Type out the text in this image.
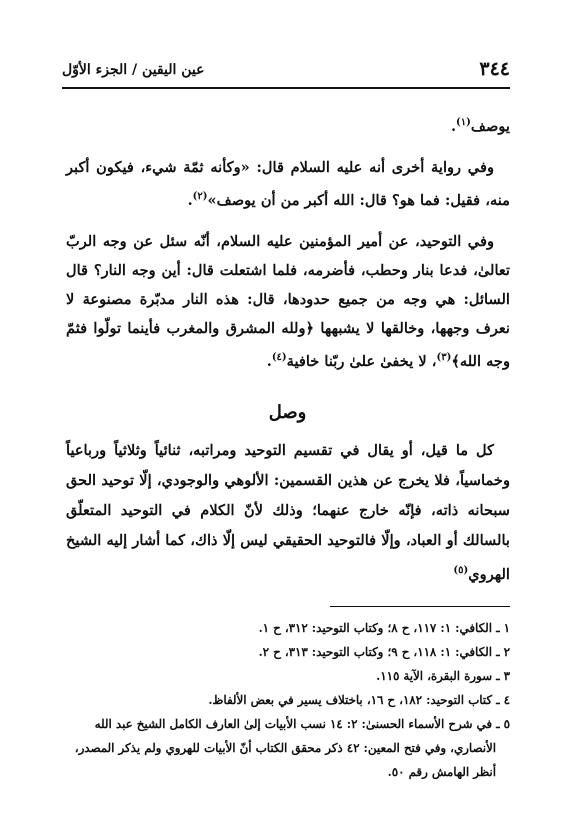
٣٤٤
عين اليقين / الجزء الأوّل

يوصف$^{(١)}$.

وفي رواية أخرى أنه عليه السلام قال: «وكأنه ثمّة شيء، فيكون أكبر منه، فقيل: فما هو؟ قال: الله أكبر من أن يوصف»$^{(٢)}$.

وفي التوحيد، عن أمير المؤمنين عليه السلام، أنّه سئل عن وجه الربّ تعالىٰ، فدعا بنار وحطب، فأضرمه، فلما اشتعلت قال: أين وجه النار؟ قال السائل: هي وجه من جميع حدودها، قال: هذه النار مدبّرة مصنوعة لا نعرف وجهها، وخالقها لا يشبهها ﴿ولله المشرق والمغرب فأينما تولّوا فثمّ وجه الله﴾$^{(٣)}$، لا يخفىٰ علىٰ ربّنا خافية$^{(٤)}$.

وصل

كل ما قيل، أو يقال في تقسيم التوحيد ومراتبه، ثنائياً وثلاثياً ورباعياً وخماسياً، فلا يخرج عن هذين القسمين: الألوهي والوجودي، إلّا توحيد الحق سبحانه ذاته، فإنّه خارج عنهما؛ وذلك لأنّ الكلام في التوحيد المتعلّق بالسالك أو العباد، وإلّا فالتوحيد الحقيقي ليس إلّا ذاك، كما أشار إليه الشيخ الهروي$^{(٥)}$

١ ـ الكافي: ١: ١١٧، ح ٨؛ وكتاب التوحيد: ٣١٢، ح ١.

٢ ـ الكافي: ١: ١١٨، ح ٩؛ وكتاب التوحيد: ٣١٣، ح ٢.

٣ ـ سورة البقرة، الآية ١١٥.

٤ ـ كتاب التوحيد: ١٨٢، ح ١٦، باختلاف يسير في بعض الألفاظ.

٥ ـ في شرح الأسماء الحسنىٰ: ٢: ١٤ نسب الأبيات إلىٰ العارف الكامل الشيخ عبد الله

الأنصاري، وفي فتح المعين: ٤٢ ذكر محقق الكتاب أنّ الأبيات للهروي ولم يذكر المصدر،

أنظر الهامش رقم ٥٠.
